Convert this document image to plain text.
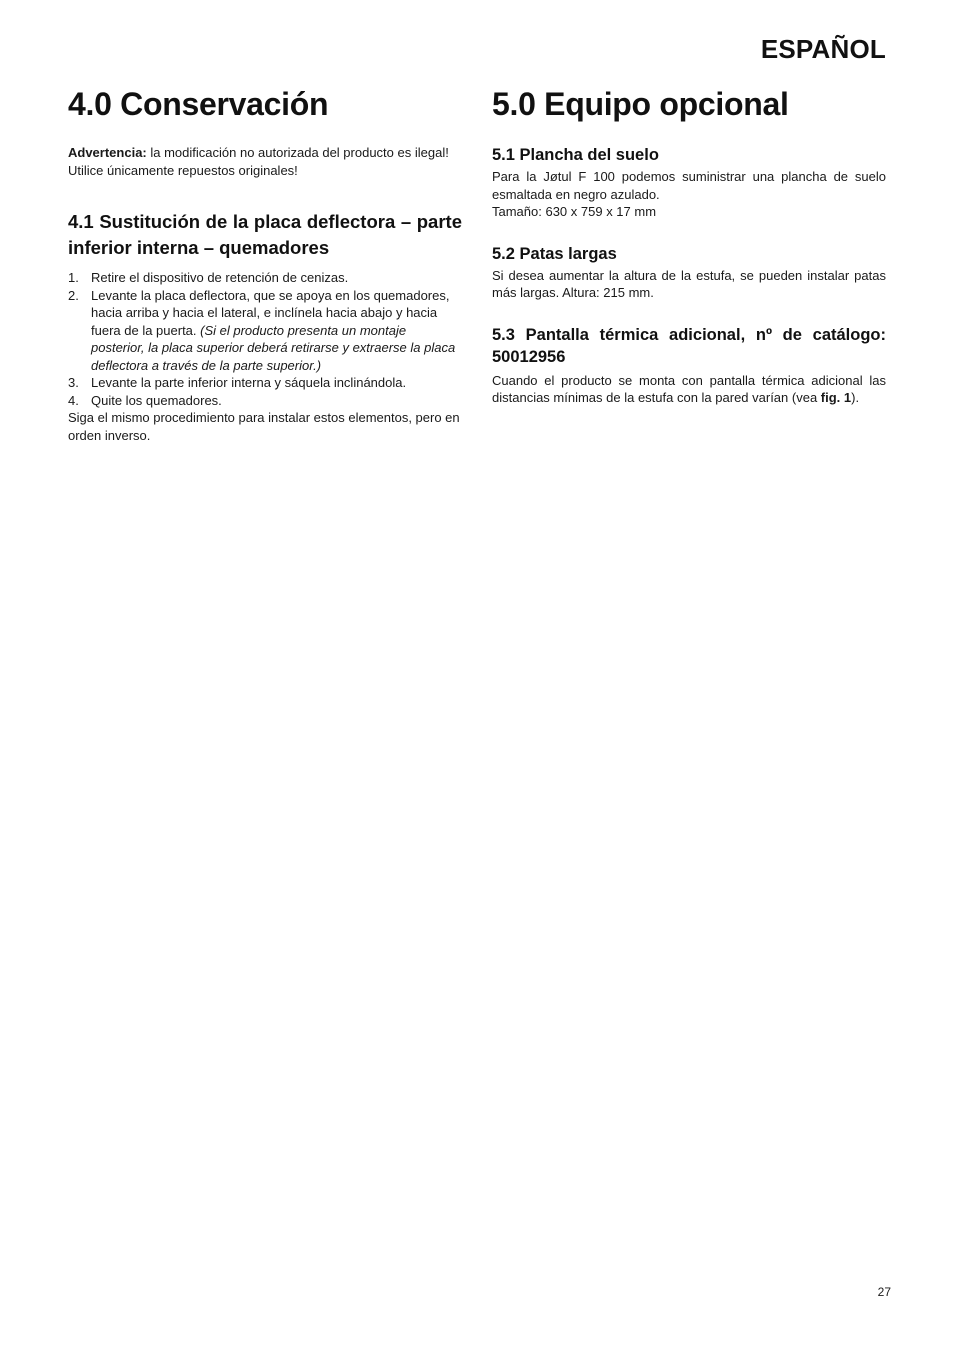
ESPAÑOL
4.0 Conservación

Advertencia: la modificación no autorizada del producto es ilegal! Utilice únicamente repuestos originales!

4.1 Sustitución de la placa deflectora – parte inferior interna – quemadores
1. Retire el dispositivo de retención de cenizas.
2. Levante la placa deflectora, que se apoya en los quemadores, hacia arriba y hacia el lateral, e inclínela hacia abajo y hacia fuera de la puerta. (Si el producto presenta un montaje posterior, la placa superior deberá retirarse y extraerse la placa deflectora a través de la parte superior.)
3. Levante la parte inferior interna y sáquela inclinándola.
4. Quite los quemadores.

Siga el mismo procedimiento para instalar estos elementos, pero en orden inverso.

5.0 Equipo opcional
5.1 Plancha del suelo

Para la Jøtul F 100 podemos suministrar una plancha de suelo esmaltada en negro azulado.

Tamaño: 630 x 759 x 17 mm

5.2 Patas largas

Si desea aumentar la altura de la estufa, se pueden instalar patas más largas. Altura: 215 mm.

5.3 Pantalla térmica adicional, nº de catálogo: 50012956

Cuando el producto se monta con pantalla térmica adicional las distancias mínimas de la estufa con la pared varían (vea fig. 1).

27
